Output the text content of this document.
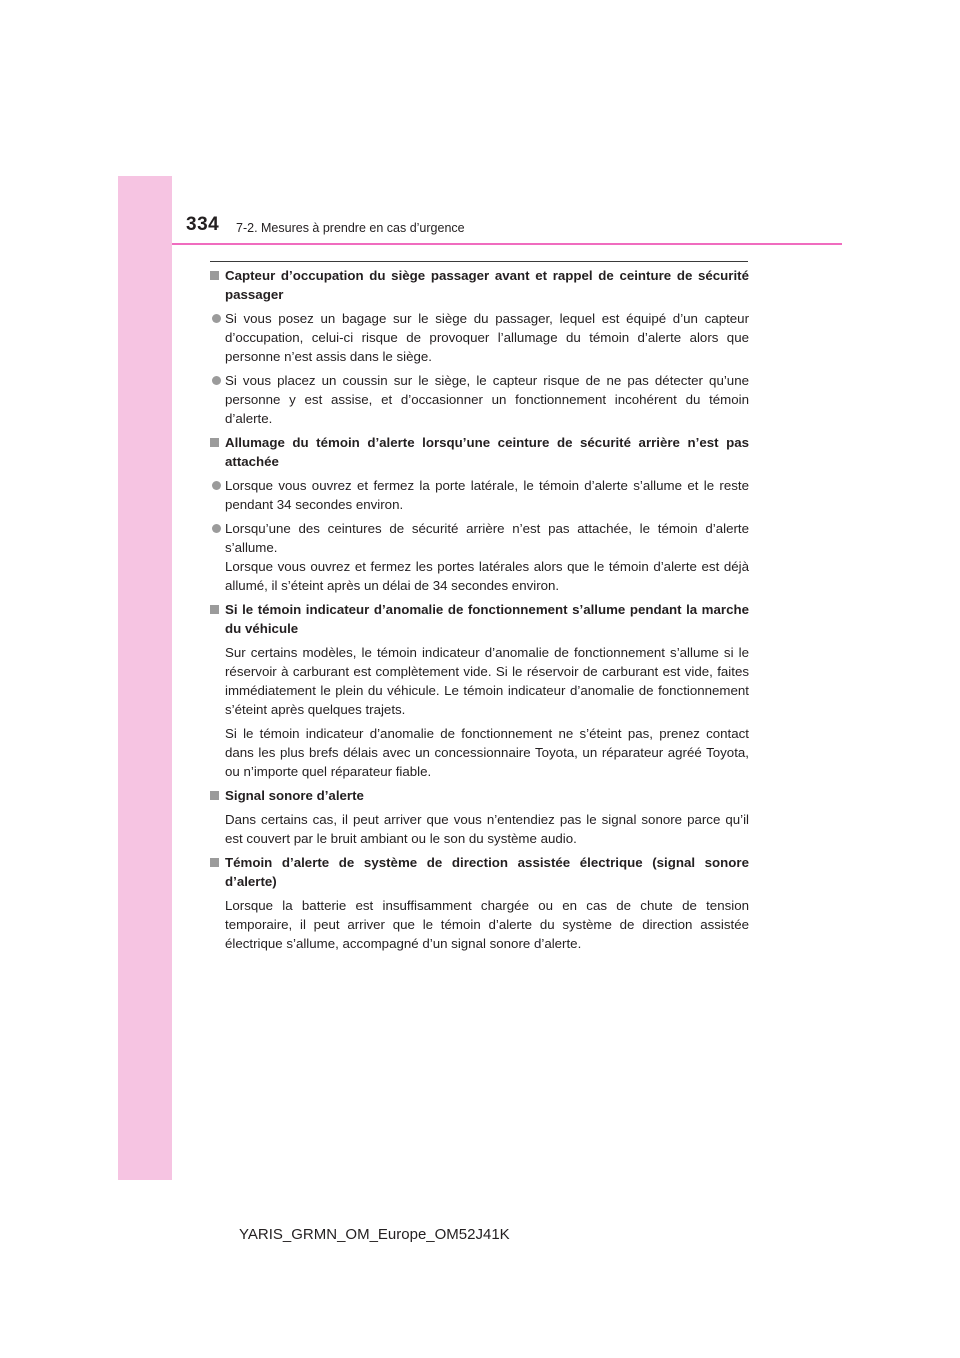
334 7-2. Mesures à prendre en cas d’urgence
Capteur d’occupation du siège passager avant et rappel de ceinture de sécurité passager
Si vous posez un bagage sur le siège du passager, lequel est équipé d’un capteur d’occupation, celui-ci risque de provoquer l’allumage du témoin d’alerte alors que personne n’est assis dans le siège.
Si vous placez un coussin sur le siège, le capteur risque de ne pas détecter qu’une personne y est assise, et d’occasionner un fonctionnement incohérent du témoin d’alerte.
Allumage du témoin d’alerte lorsqu’une ceinture de sécurité arrière n’est pas attachée
Lorsque vous ouvrez et fermez la porte latérale, le témoin d’alerte s’allume et le reste pendant 34 secondes environ.
Lorsqu’une des ceintures de sécurité arrière n’est pas attachée, le témoin d’alerte s’allume.
Lorsque vous ouvrez et fermez les portes latérales alors que le témoin d’alerte est déjà allumé, il s’éteint après un délai de 34 secondes environ.
Si le témoin indicateur d’anomalie de fonctionnement s’allume pendant la marche du véhicule
Sur certains modèles, le témoin indicateur d’anomalie de fonctionnement s’allume si le réservoir à carburant est complètement vide. Si le réservoir de carburant est vide, faites immédiatement le plein du véhicule. Le témoin indicateur d’anomalie de fonctionnement s’éteint après quelques trajets.
Si le témoin indicateur d’anomalie de fonctionnement ne s’éteint pas, prenez contact dans les plus brefs délais avec un concessionnaire Toyota, un réparateur agréé Toyota, ou n’importe quel réparateur fiable.
Signal sonore d’alerte
Dans certains cas, il peut arriver que vous n’entendiez pas le signal sonore parce qu’il est couvert par le bruit ambiant ou le son du système audio.
Témoin d’alerte de système de direction assistée électrique (signal sonore d’alerte)
Lorsque la batterie est insuffisamment chargée ou en cas de chute de tension temporaire, il peut arriver que le témoin d’alerte du système de direction assistée électrique s’allume, accompagné d’un signal sonore d’alerte.
YARIS_GRMN_OM_Europe_OM52J41K
